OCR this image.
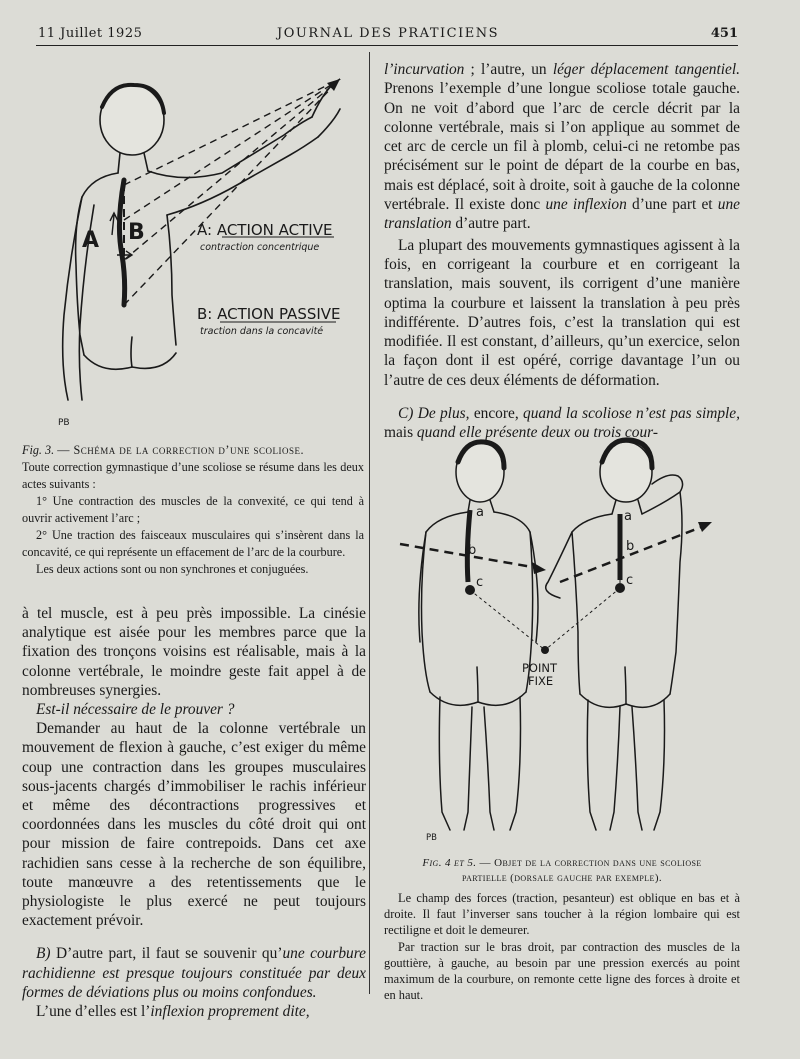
11 Juillet 1925	JOURNAL DES PRATICIENS	451
A B	A: ACTION ACTIVE
contraction concentrique
B: ACTION PASSIVE
traction dans la concavité
PB

Fig. 3. — Schéma de la correction d’une scoliose.

Toute correction gymnastique d’une scoliose se résume dans les deux actes suivants :

1° Une contraction des muscles de la convexité, ce qui tend à ouvrir activement l’arc ;

2° Une traction des faisceaux musculaires qui s’insèrent dans la concavité, ce qui représente un effacement de l’arc de la courbure.

Les deux actions sont ou non synchrones et conjuguées.

à tel muscle, est à peu près impossible. La cinésie analytique est aisée pour les membres parce que la fixation des tronçons voisins est réalisable, mais à la colonne vertébrale, le moindre geste fait appel à de nombreuses synergies.

Est-il nécessaire de le prouver ?

Demander au haut de la colonne vertébrale un mouvement de flexion à gauche, c’est exiger du même coup une contraction dans les groupes musculaires sous-jacents chargés d’immobiliser le rachis inférieur et même des décontractions progressives et coordonnées dans les muscles du côté droit qui ont pour mission de faire contrepoids. Dans cet axe rachidien sans cesse à la recherche de son équilibre, toute manœuvre a des retentissements que le physiologiste le plus exercé ne peut toujours exactement prévoir.

B) D’autre part, il faut se souvenir qu’une courbure rachidienne est presque toujours constituée par deux formes de déviations plus ou moins confondues.

L’une d’elles est l’inflexion proprement dite,

l’incurvation ; l’autre, un léger déplacement tangentiel. Prenons l’exemple d’une longue scoliose totale gauche. On ne voit d’abord que l’arc de cercle décrit par la colonne vertébrale, mais si l’on applique au sommet de cet arc de cercle un fil à plomb, celui-ci ne retombe pas précisément sur le point de départ de la courbe en bas, mais est déplacé, soit à droite, soit à gauche de la colonne vertébrale. Il existe donc une inflexion d’une part et une translation d’autre part.

La plupart des mouvements gymnastiques agissent à la fois, en corrigeant la courbure et en corrigeant la translation, mais souvent, ils corrigent d’une manière optima la courbure et laissent la translation à peu près indifférente. D’autres fois, c’est la translation qui est modifiée. Il est constant, d’ailleurs, qu’un exercice, selon la façon dont il est opéré, corrige davantage l’un ou l’autre de ces deux éléments de déformation.

C) De plus, encore, quand la scoliose n’est pas simple, mais quand elle présente deux ou trois cour-

a
b
c
a
b
c
POINT
FIXE
PB

Fig. 4 et 5. — Objet de la correction dans une scoliose

partielle (dorsale gauche par exemple).

Le champ des forces (traction, pesanteur) est oblique en bas et à droite. Il faut l’inverser sans toucher à la région lombaire qui est rectiligne et doit le demeurer.

Par traction sur le bras droit, par contraction des muscles de la gouttière, à gauche, au besoin par une pression exercés au point maximum de la courbure, on remonte cette ligne des forces à droite et en haut.
